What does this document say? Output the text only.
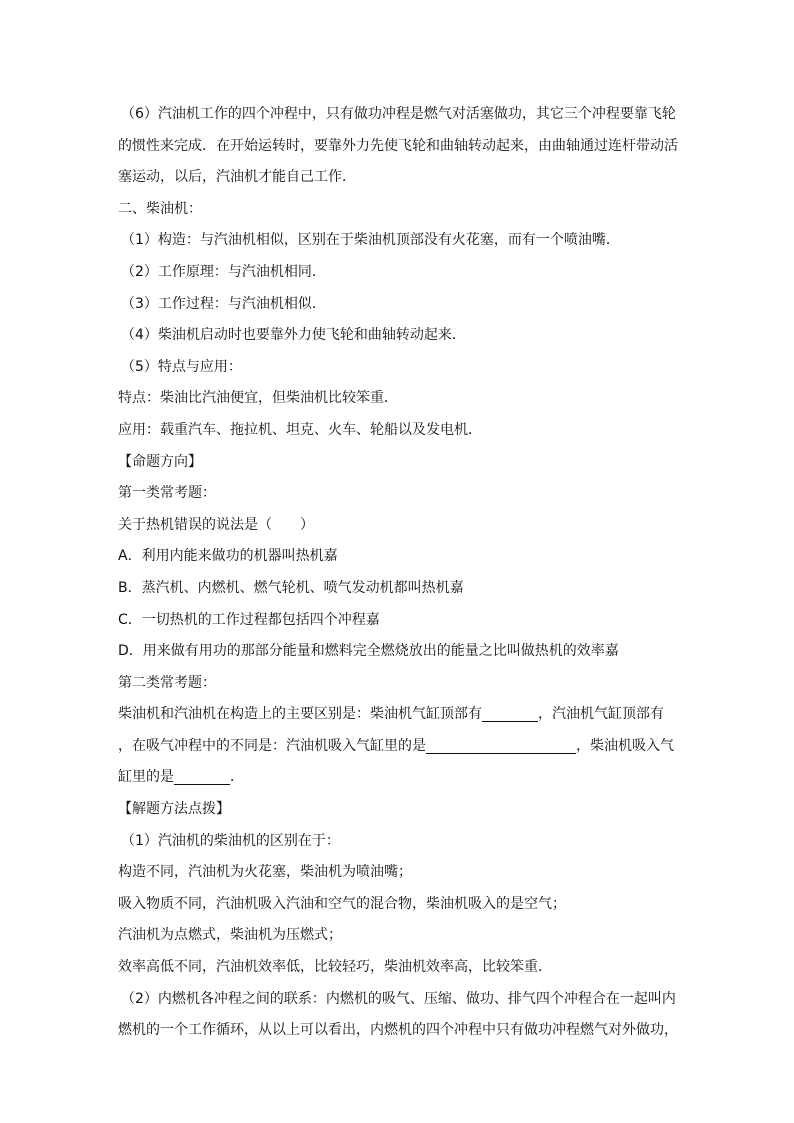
（6）汽油机工作的四个冲程中，只有做功冲程是燃气对活塞做功，其它三个冲程要靠飞轮
的惯性来完成．在开始运转时，要靠外力先使飞轮和曲轴转动起来，由曲轴通过连杆带动活
塞运动，以后，汽油机才能自己工作．
二、柴油机：
（1）构造：与汽油机相似，区别在于柴油机顶部没有火花塞，而有一个喷油嘴．
（2）工作原理：与汽油机相同．
（3）工作过程：与汽油机相似．
（4）柴油机启动时也要靠外力使飞轮和曲轴转动起来．
（5）特点与应用：
特点：柴油比汽油便宜，但柴油机比较笨重．
应用：载重汽车、拖拉机、坦克、火车、轮船以及发电机．
【命题方向】
第一类常考题：
关于热机错误的说法是（　　）
A．利用内能来做功的机器叫热机嘉
B．蒸汽机、内燃机、燃气轮机、喷气发动机都叫热机嘉
C．一切热机的工作过程都包括四个冲程嘉
D．用来做有用功的那部分能量和燃料完全燃烧放出的能量之比叫做热机的效率嘉
第二类常考题：
柴油机和汽油机在构造上的主要区别是：柴油机气缸顶部有	，汽油机气缸顶部有
，在吸气冲程中的不同是：汽油机吸入气缸里的是	，柴油机吸入气
缸里的是	．
【解题方法点拨】
（1）汽油机的柴油机的区别在于：
构造不同，汽油机为火花塞，柴油机为喷油嘴；
吸入物质不同，汽油机吸入汽油和空气的混合物，柴油机吸入的是空气；
汽油机为点燃式，柴油机为压燃式；
效率高低不同，汽油机效率低，比较轻巧，柴油机效率高，比较笨重．
（2）内燃机各冲程之间的联系：内燃机的吸气、压缩、做功、排气四个冲程合在一起叫内
燃机的一个工作循环，从以上可以看出，内燃机的四个冲程中只有做功冲程燃气对外做功，
